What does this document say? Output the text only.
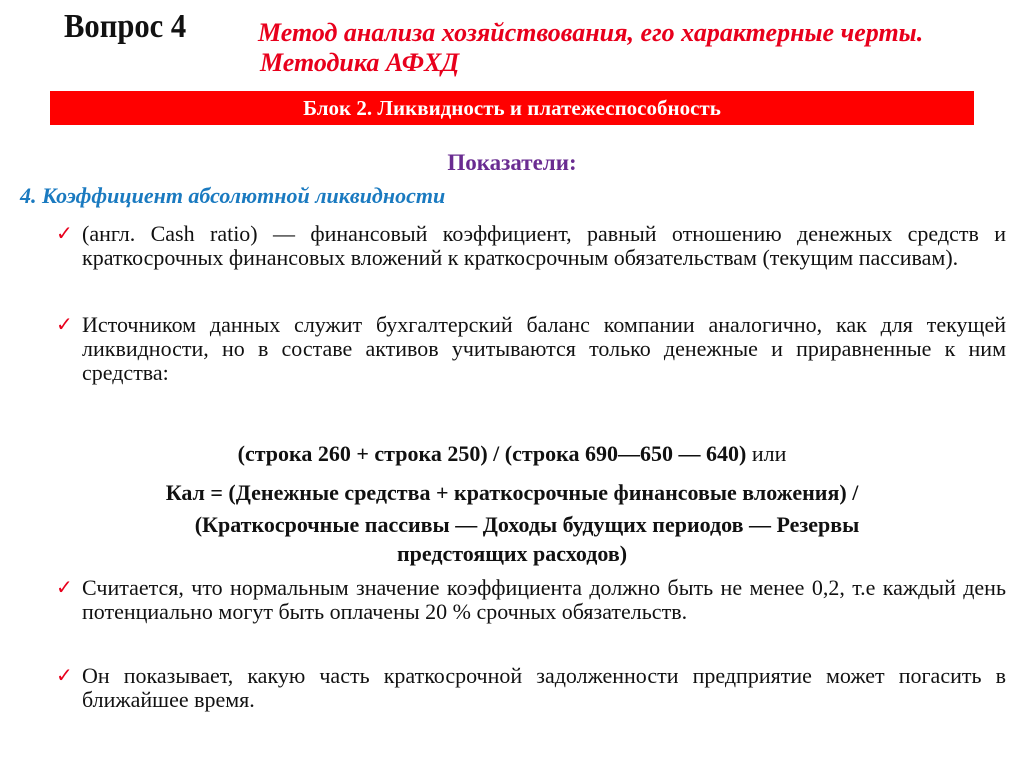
Вопрос 4	Метод анализа хозяйствования, его характерные черты.
Методика АФХД
Блок 2. Ликвидность и платежеспособность
Показатели:
4. Коэффициент абсолютной ликвидности
✓ (англ. Cash ratio) — финансовый коэффициент, равный отношению денежных средств и краткосрочных финансовых вложений к краткосрочным обязательствам (текущим пассивам).
✓ Источником данных служит бухгалтерский баланс компании аналогично, как для текущей ликвидности, но в составе активов учитываются только денежные и приравненные к ним средства:
(строка 260 + строка 250) / (строка 690—650 — 640) или
Кал = (Денежные средства + краткосрочные финансовые вложения) /
(Краткосрочные пассивы — Доходы будущих периодов — Резервы
предстоящих расходов)
✓ Считается, что нормальным значение коэффициента должно быть не менее 0,2, т.е каждый день потенциально могут быть оплачены 20 % срочных обязательств.
✓ Он показывает, какую часть краткосрочной задолженности предприятие может погасить в ближайшее время.
